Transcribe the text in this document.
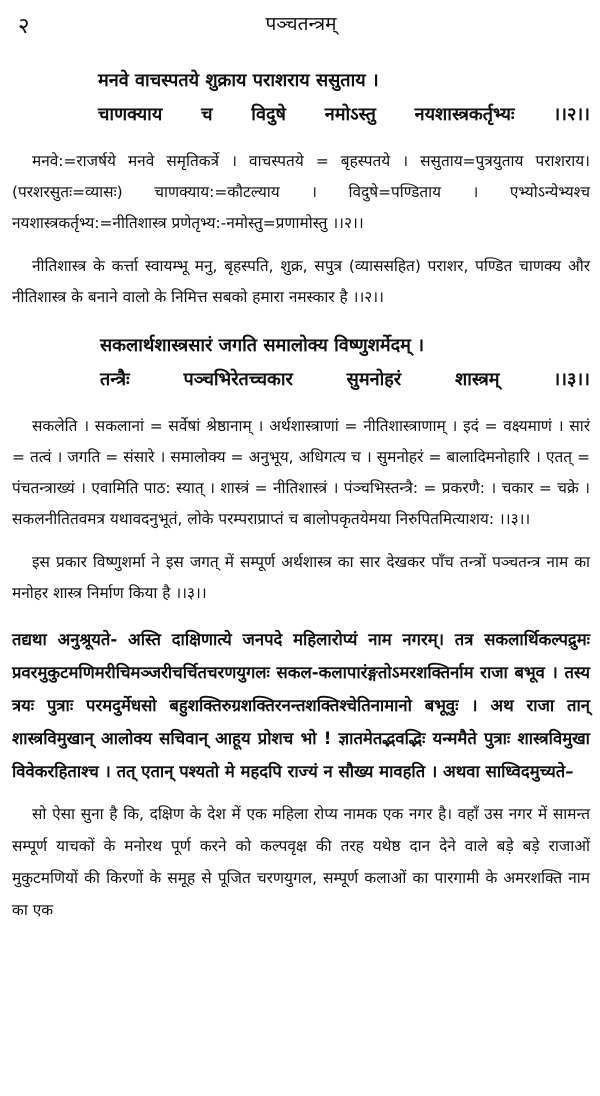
२	पञ्चतन्त्रम्
मनवे वाचस्पतये शुक्राय पराशराय ससुताय ।
चाणक्याय च विदुषे नमोऽस्तु नयशास्त्रकर्तृभ्यः ।।२।।

मनवे:=राजर्षये मनवे समृतिकर्त्रे । वाचस्पतये = बृहस्पतये । ससुताय=पुत्रयुताय पराशराय। (परशरसुतः=व्यासः) चाणक्याय:=कौटल्याय । विदुषे=पण्डिताय । एभ्योऽन्येभ्यश्च नयशास्त्रकर्तृभ्य:=नीतिशास्त्र प्रणेतृभ्य:-नमोस्तु=प्रणामोस्तु ।।२।।

नीतिशास्त्र के कर्त्ता स्वायम्भू मनु, बृहस्पति, शुक्र, सपुत्र (व्याससहित) पराशर, पण्डित चाणक्य और नीतिशास्त्र के बनाने वालो के निमित्त सबको हमारा नमस्कार है ।।२।।

सकलार्थशास्त्रसारं जगति समालोक्य विष्णुशर्मेदम् ।
तन्त्रैः पञ्चभिरेतच्चकार सुमनोहरं शास्त्रम् ।।३।।

सकलेति । सकलानां = सर्वेषां श्रेष्ठानाम् । अर्थशास्त्राणां = नीतिशास्त्राणाम् । इदं = वक्ष्यमाणं । सारं = तत्वं । जगति = संसारे । समालोक्य = अनुभूय, अधिगत्य च । सुमनोहरं = बालादिमनोहारि । एतत् = पंचतन्त्राख्यं । एवामिति पाठ: स्यात् । शास्त्रं = नीतिशास्त्रं । पंञ्चभिस्तन्त्रै: = प्रकरणै: । चकार = चक्रे । सकलनीतितवमत्र यथावदनुभूतं, लोके परम्पराप्राप्तं च बालोपकृतयेमया निरुपितमित्याशय: ।।३।।

इस प्रकार विष्णुशर्मा ने इस जगत् में सम्पूर्ण अर्थशास्त्र का सार देखकर पाँच तन्त्रों पञ्चतन्त्र नाम का मनोहर शास्त्र निर्माण किया है ।।३।।

तद्यथा अनुश्रूयते- अस्ति दाक्षिणात्ये जनपदे महिलारोप्यं नाम नगरम्। तत्र सकलार्थिकल्पद्रुमः प्रवरमुकुटमणिमरीचिमञ्जरीचर्चितचरणयुगलः सकल-कलापारंङ्गतोऽमरशक्तिर्नाम राजा बभूव । तस्य त्रयः पुत्राः परमदुर्मेधसो बहुशक्तिरुग्रशक्तिरनन्तशक्तिश्चेतिनामानो बभूवुः । अथ राजा तान् शास्त्रविमुखान् आलोक्य सचिवान् आहूय प्रोशच भो ! ज्ञातमेतद्भवद्भिः यन्ममैते पुत्राः शास्त्रविमुखा विवेकरहिताश्च । तत् एतान् पश्यतो मे महदपि राज्यं न सौख्य मावहति । अथवा साध्विदमुच्यते–

सो ऐसा सुना है कि, दक्षिण के देश में एक महिला रोप्य नामक एक नगर है। वहाँ उस नगर में सामन्त सम्पूर्ण याचकों के मनोरथ पूर्ण करने को कल्पवृक्ष की तरह यथेष्ठ दान देने वाले बड़े बड़े राजाओं मुकुटमणियों की किरणों के समूह से पूजित चरणयुगल, सम्पूर्ण कलाओं का पारगामी के अमरशक्ति नाम का एक
